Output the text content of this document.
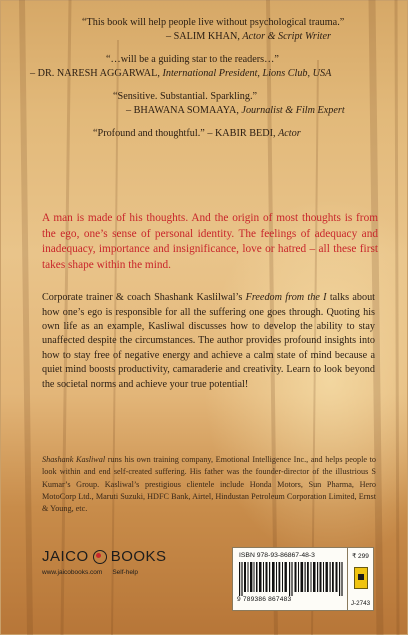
“This book will help people live without psychological trauma.”
– SALIM KHAN, Actor & Script Writer

“…will be a guiding star to the readers…”
– DR. NARESH AGGARWAL, International President, Lions Club, USA

“Sensitive. Substantial. Sparkling.”
– BHAWANA SOMAAYA, Journalist & Film Expert

“Profound and thoughtful.” – KABIR BEDI, Actor

A man is made of his thoughts. And the origin of most thoughts is from the ego, one’s sense of personal identity. The feelings of adequacy and inadequacy, importance and insignificance, love or hatred – all these first takes shape within the mind.

Corporate trainer & coach Shashank Kaslilwal’s Freedom from the I talks about how one’s ego is responsible for all the suffering one goes through. Quoting his own life as an example, Kasliwal discusses how to develop the ability to stay unaffected despite the circumstances. The author provides profound insights into how to stay free of negative energy and achieve a calm state of mind because a quiet mind boosts productivity, camaraderie and creativity. Learn to look beyond the societal norms and achieve your true potential!

Shashank Kasliwal runs his own training company, Emotional Intelligence Inc., and helps people to look within and end self-created suffering. His father was the founder-director of the illustrious S Kumar’s Group. Kasliwal’s prestigious clientele include Honda Motors, Sun Pharma, Hero MotoCorp Ltd., Maruti Suzuki, HDFC Bank, Airtel, Hindustan Petroleum Corporation Limited, Ernst & Young, etc.

JAICO BOOKS
www.jaicobooks.com Self-help
ISBN 978-93-86867-48-3
9 789386 867483
₹ 299
J-2743
